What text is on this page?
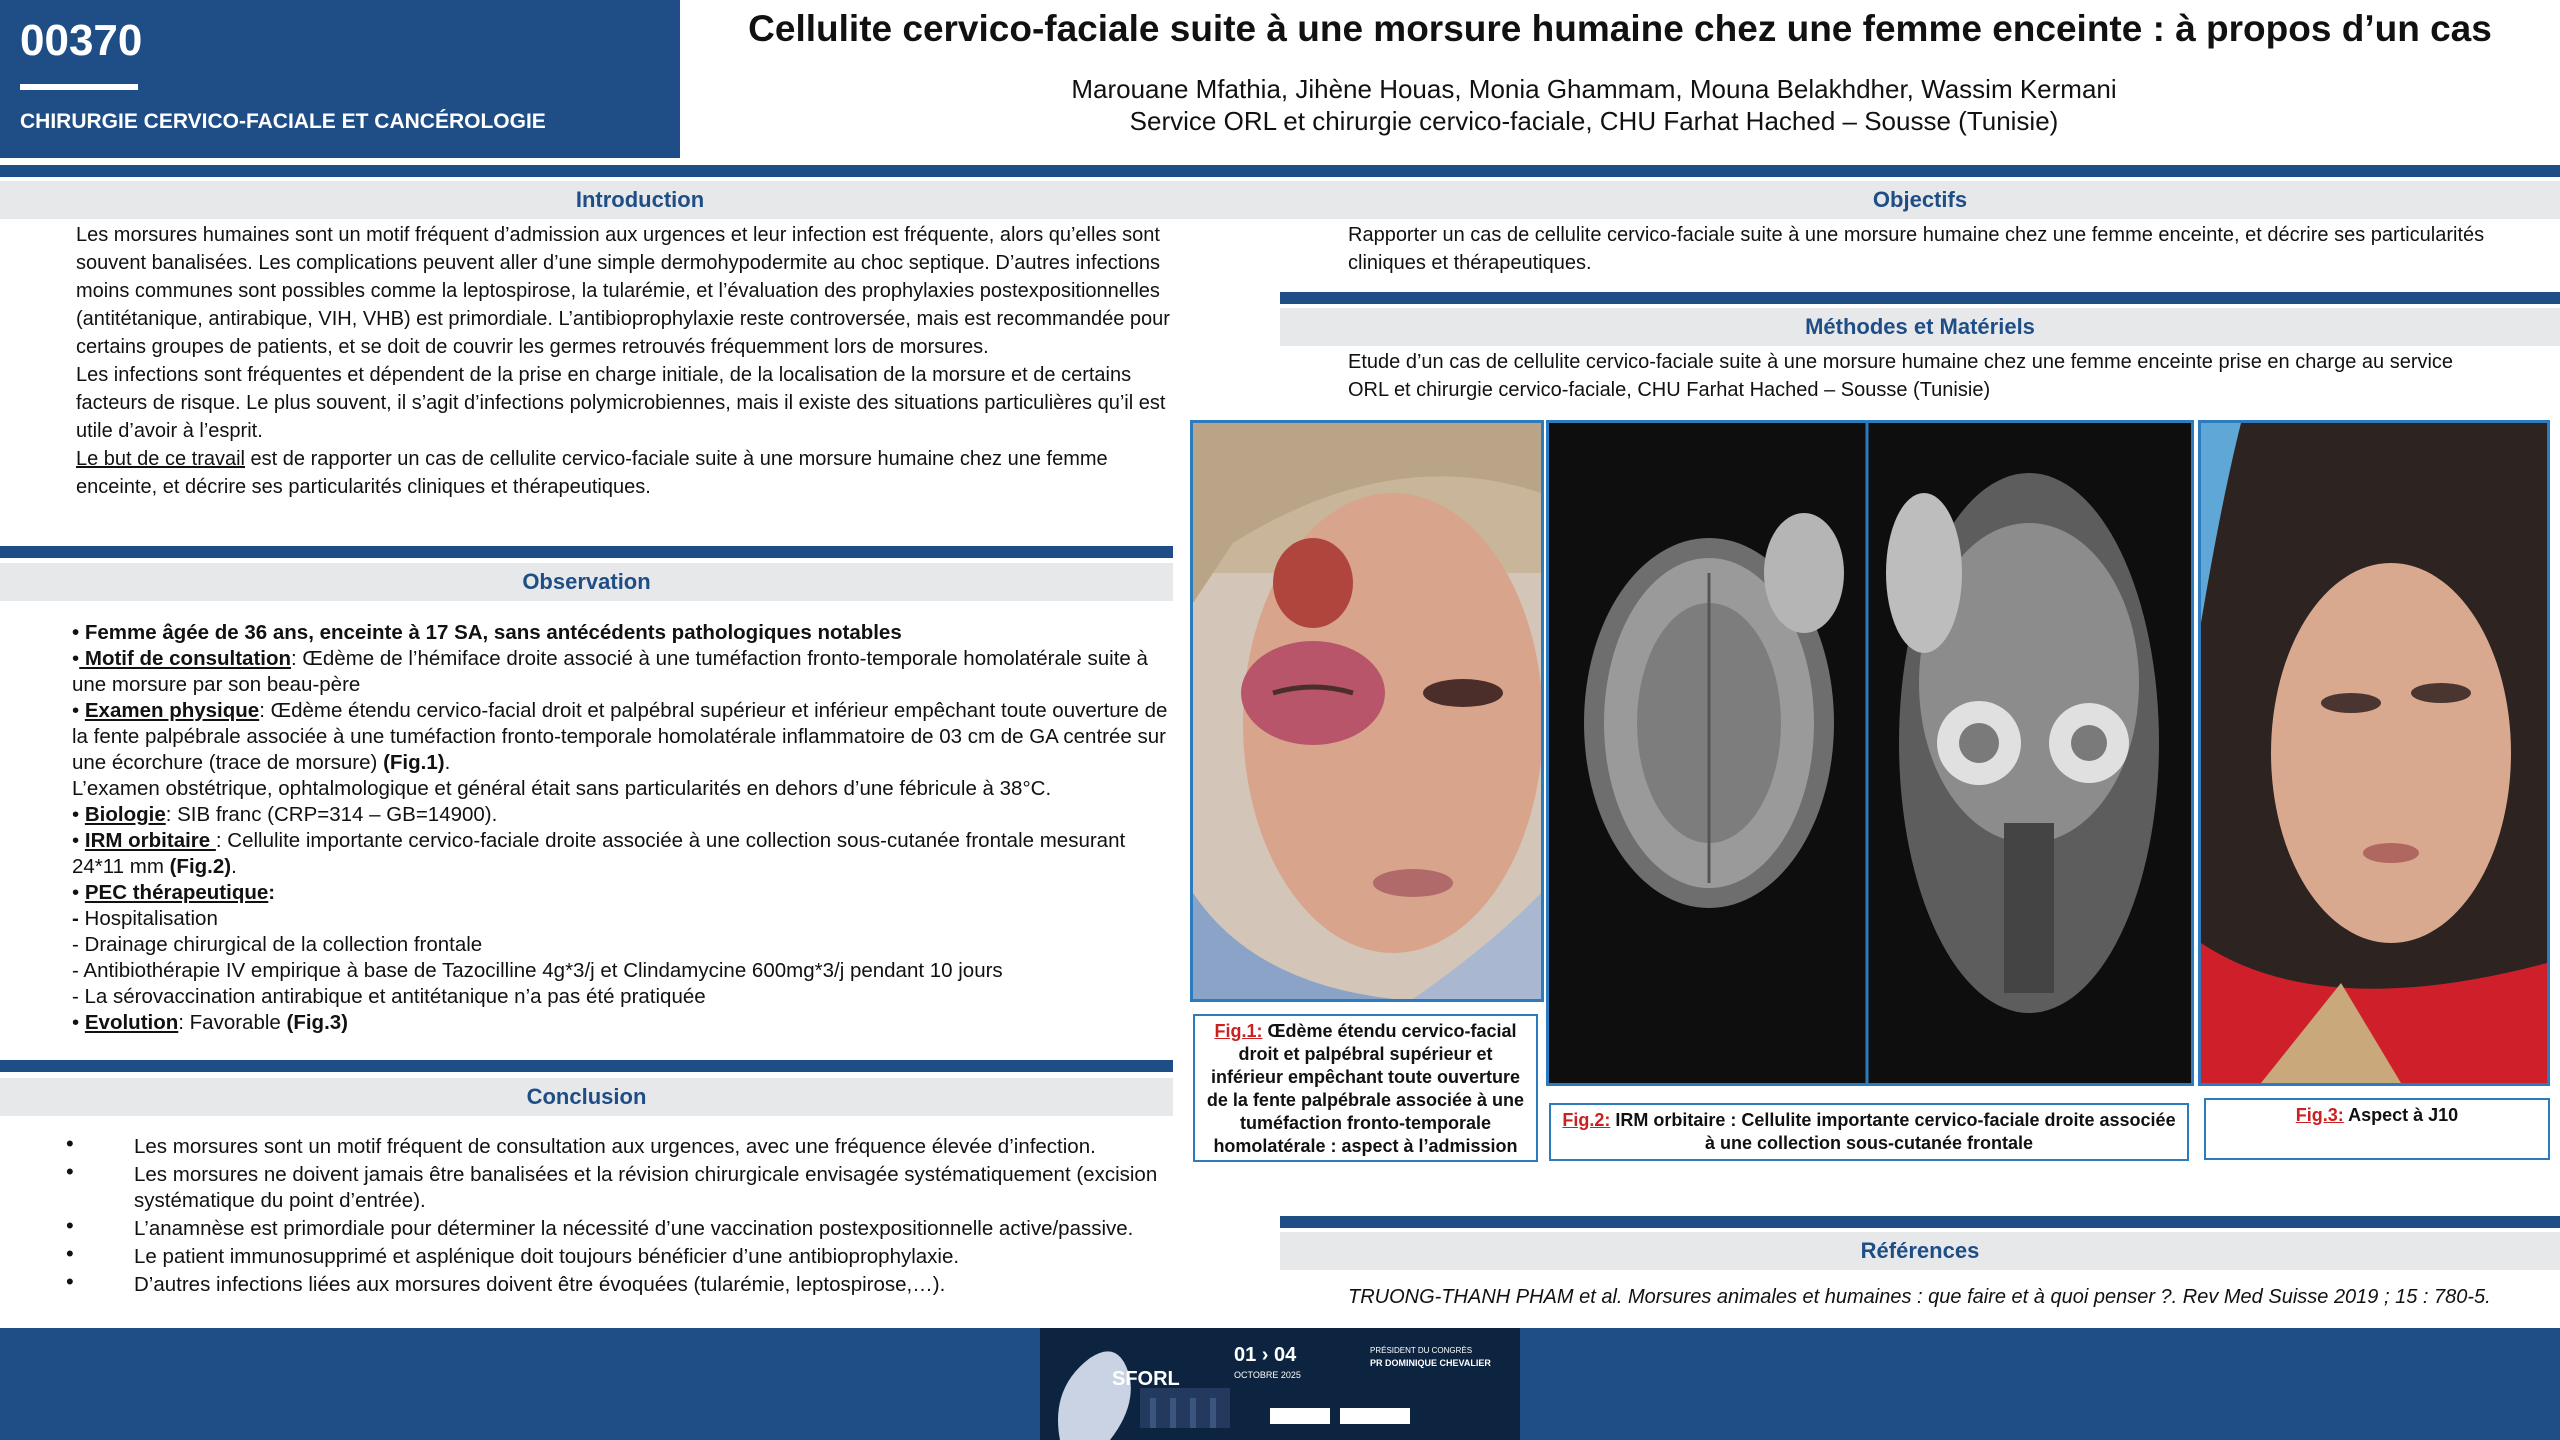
00370
CHIRURGIE CERVICO-FACIALE ET CANCÉROLOGIE
Cellulite cervico-faciale suite à une morsure humaine chez une femme enceinte : à propos d’un cas
Marouane Mfathia, Jihène Houas, Monia Ghammam, Mouna Belakhdher, Wassim Kermani
Service ORL et chirurgie cervico-faciale, CHU Farhat Hached – Sousse (Tunisie)
Introduction

Les morsures humaines sont un motif fréquent d’admission aux urgences et leur infection est fréquente, alors qu’elles sont souvent banalisées. Les complications peuvent aller d’une simple dermohypodermite au choc septique. D’autres infections moins communes sont possibles comme la leptospirose, la tularémie, et l’évaluation des prophylaxies postexpositionnelles (antitétanique, antirabique, VIH, VHB) est primordiale. L’antibioprophylaxie reste controversée, mais est recommandée pour certains groupes de patients, et se doit de couvrir les germes retrouvés fréquemment lors de morsures.

Les infections sont fréquentes et dépendent de la prise en charge initiale, de la localisation de la morsure et de certains facteurs de risque. Le plus souvent, il s’agit d’infections polymicrobiennes, mais il existe des situations particulières qu’il est utile d’avoir à l’esprit.

Le but de ce travail est de rapporter un cas de cellulite cervico-faciale suite à une morsure humaine chez une femme enceinte, et décrire ses particularités cliniques et thérapeutiques.

Observation
• Femme âgée de 36 ans, enceinte à 17 SA, sans antécédents pathologiques notables
• Motif de consultation: Œdème de l’hémiface droite associé à une tuméfaction fronto-temporale homolatérale suite à une morsure par son beau-père
• Examen physique: Œdème étendu cervico-facial droit et palpébral supérieur et inférieur empêchant toute ouverture de la fente palpébrale associée à une tuméfaction fronto-temporale homolatérale inflammatoire de 03 cm de GA centrée sur une écorchure (trace de morsure) (Fig.1).
L’examen obstétrique, ophtalmologique et général était sans particularités en dehors d’une fébricule à 38°C.
• Biologie: SIB franc (CRP=314 – GB=14900).
• IRM orbitaire : Cellulite importante cervico-faciale droite associée à une collection sous-cutanée frontale mesurant 24*11 mm (Fig.2).
• PEC thérapeutique:
- Hospitalisation
- Drainage chirurgical de la collection frontale
- Antibiothérapie IV empirique à base de Tazocilline 4g*3/j et Clindamycine 600mg*3/j pendant 10 jours
- La sérovaccination antirabique et antitétanique n’a pas été pratiquée
• Evolution: Favorable (Fig.3)
Conclusion
• Les morsures sont un motif fréquent de consultation aux urgences, avec une fréquence élevée d’infection.
• Les morsures ne doivent jamais être banalisées et la révision chirurgicale envisagée systématiquement (excision systématique du point d’entrée).
• L’anamnèse est primordiale pour déterminer la nécessité d’une vaccination postexpositionnelle active/passive.
• Le patient immunosupprimé et asplénique doit toujours bénéficier d’une antibioprophylaxie.
• D’autres infections liées aux morsures doivent être évoquées (tularémie, leptospirose,…).
Objectifs
Rapporter un cas de cellulite cervico-faciale suite à une morsure humaine chez une femme enceinte, et décrire ses particularités cliniques et thérapeutiques.
Méthodes et Matériels
Etude d’un cas de cellulite cervico-faciale suite à une morsure humaine chez une femme enceinte prise en charge au service ORL et chirurgie cervico-faciale, CHU Farhat Hached – Sousse (Tunisie)
Fig.1: Œdème étendu cervico-facial droit et palpébral supérieur et inférieur empêchant toute ouverture de la fente palpébrale associée à une tuméfaction fronto-temporale homolatérale : aspect à l’admission
Fig.2: IRM orbitaire : Cellulite importante cervico-faciale droite associée à une collection sous-cutanée frontale
Fig.3: Aspect à J10
Références
TRUONG-THANH PHAM et al. Morsures animales et humaines : que faire et à quoi penser ?. Rev Med Suisse 2019 ; 15 : 780-5.
SFORL
01 › 04
OCTOBRE 2025
PRÉSIDENT DU CONGRÈS
PR DOMINIQUE CHEVALIER
